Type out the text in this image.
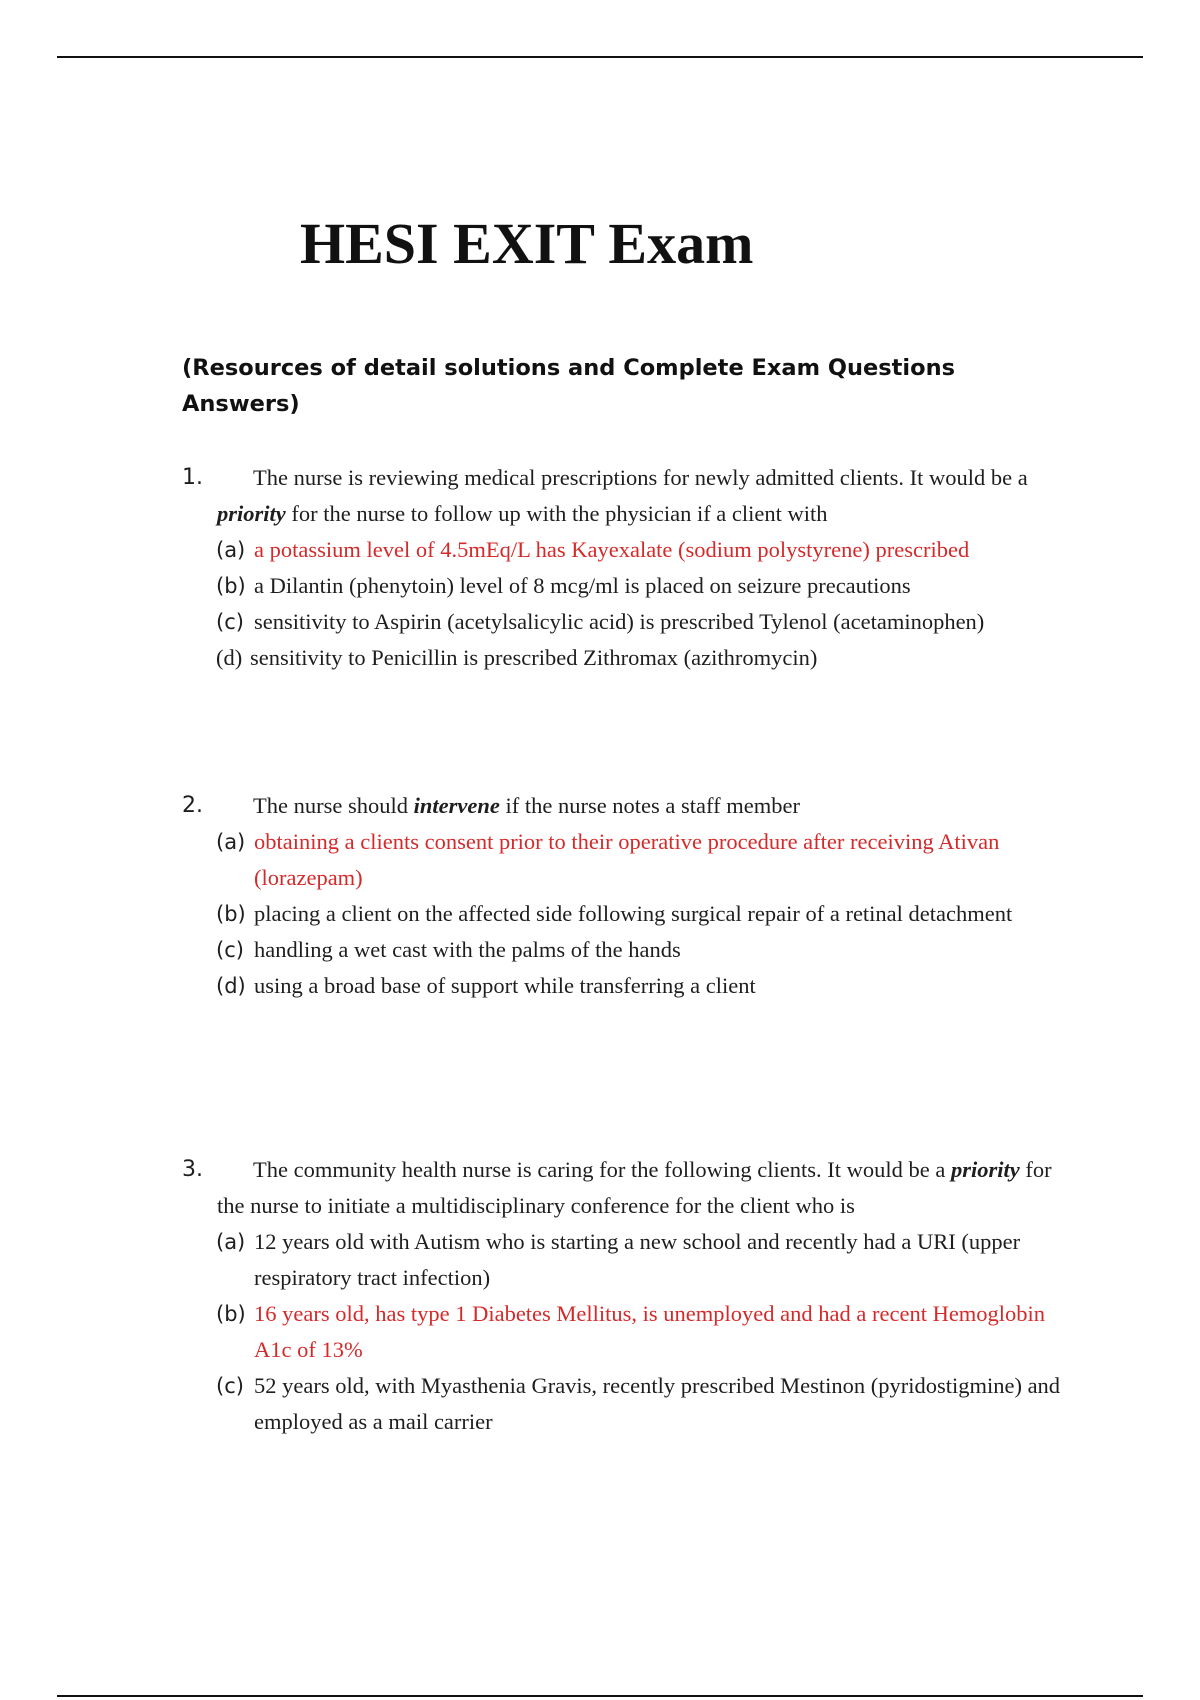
HESI EXIT Exam
(Resources of detail solutions and Complete Exam Questions Answers)
1. The nurse is reviewing medical prescriptions for newly admitted clients. It would be a priority for the nurse to follow up with the physician if a client with
(a) a potassium level of 4.5mEq/L has Kayexalate (sodium polystyrene) prescribed
(b) a Dilantin (phenytoin) level of 8 mcg/ml is placed on seizure precautions
(c) sensitivity to Aspirin (acetylsalicylic acid) is prescribed Tylenol (acetaminophen)
(d) sensitivity to Penicillin is prescribed Zithromax (azithromycin)
2. The nurse should intervene if the nurse notes a staff member
(a) obtaining a clients consent prior to their operative procedure after receiving Ativan (lorazepam)
(b) placing a client on the affected side following surgical repair of a retinal detachment
(c) handling a wet cast with the palms of the hands
(d) using a broad base of support while transferring a client
3. The community health nurse is caring for the following clients. It would be a priority for the nurse to initiate a multidisciplinary conference for the client who is
(a) 12 years old with Autism who is starting a new school and recently had a URI (upper respiratory tract infection)
(b) 16 years old, has type 1 Diabetes Mellitus, is unemployed and had a recent Hemoglobin A1c of 13%
(c) 52 years old, with Myasthenia Gravis, recently prescribed Mestinon (pyridostigmine) and employed as a mail carrier
